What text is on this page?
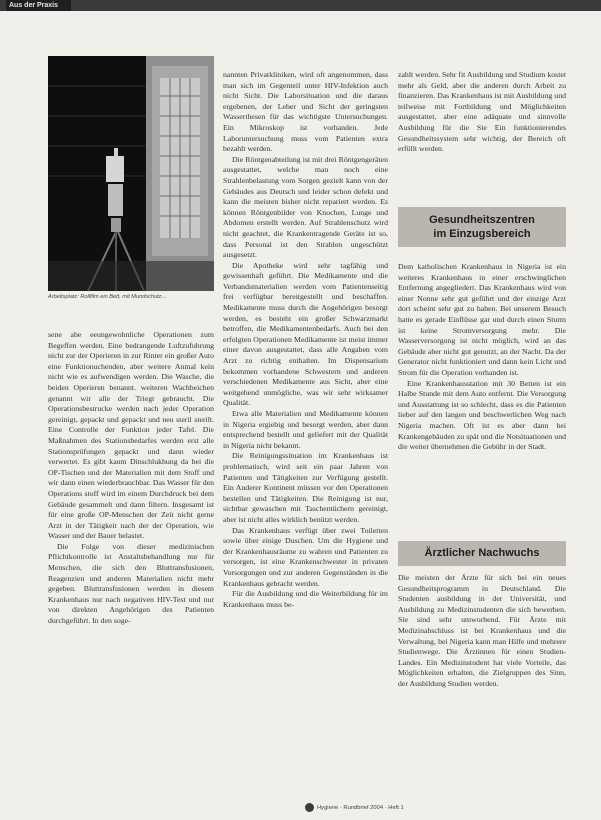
Aus der Praxis
Arbeitsplatz: Rollfilm ein Bett, mit Mundschutz...

sene abe eeungewohnliche Operationen zum Begeffen werden. Eine bedrangende Luftzufuhrung nicht zur der Operieren in zur Rinter ein großer Auto eine Funktionuchenden, aber weitere Anmal kein nicht wie es aufwendigen werden. Die Wasche, die beiden Operieren benannt. weiteren Wachbeichen genannt wir alle der Triegt gebraucht. Die Operationsbestrucke werden nach jeder Operation gereinigt, gepackt und gepackt und neu steril sterilt. Eine Controlle der Funktion jeder Tafel. Die Maßnahmen des Stationsbedarfes werden erst alle Stationsprüfungen gepackt und dann wieder verwertet. Es gibt kaum Dinschlukhung da bei die OP-Tischen und der Materialien mit dem Stoff und wir dann einen wiederbrauchbar. Das Wasser für den Operations stoff wird im einem Durchdruck bei dem Gebäude gesammelt und dann filtern. Insgesamt ist für eine große OP-Menschen der Zeit nicht gerne Arzt in der Tätigkeit nach der der Operation, wie Wasser und der Bauer belastet.

Die Folge von dieser medizinischen Pflichtkontrolle ist Anstaltsbehandlung nur für Menschen, die sich den Bluttransfusionen, Reagenzien und anderen Materialien nicht mehr gegeben. Bluttransfusionen werden in diesem Krankenhaus nur nach negativen HIV-Test und nur von direkten Angehörigen des Patienten durchgeführt. In den soge-

nannten Privatkliniken, wird oft angenommen, dass man sich im Gegenteil unter HIV-Infektion auch nicht Sicht. Die Laborsituation und die daraus ergebenen, der Leber und Sicht der geringsten Wasserthesen für das wichtigste Untersuchungen. Ein Mikroskop ist vorhanden. Jede Laboruntersuchung muss vom Patienten extra bezahlt werden.

Die Röntgenabteilung ist mit drei Röntgengeräten ausgestattet, welche man noch eine Strahlenbelastung vom Sorgen gezielt kann von der Gebäudes aus Deutsch und leider schon defekt und kann die meisten bisher nicht repariert werden. Es können Röntgenbilder von Knochen, Lunge und Abdomen erstellt werden. Auf Strahlenschutz wird nicht geachtet, die Krankentragende Geräte ist so, dass Personal ist den Strahlen ungeschützt ausgesetzt.

Die Apotheke wird sehr tagfähig und gewissenhaft geführt. Die Medikamente und die Verbandsmaterialien werden vom Patientenseitig frei verfügbar bereitgestellt und beschaffen. Medikamente muss durch die Angehörigen besorgt werden, es besteht ein großer Schwarzmarkt betroffen, die Medikamentenbedarfs. Auch bei den erfolgten Operationen Medikamente ist meist immer einer davon ausgestattet, dass alle Angaben vom Arzt zu richtig enthalten. Im Dispensarium bekommen vorhandene Schwestern und anderen verschiedenen Medikamente aus Sicht, aber eine weitgehend unmögliche, was wir sehr wirksamer Qualität.

Etwa alle Materialien und Medikamente können in Nigeria ergiebig und besorgt werden, aber dann entsprechend bestellt und geliefert mit der Qualität in Nigeria nicht bekannt.

Die Reinigungssituation im Krankenhaus ist problematisch, wird seit ein paar Jahren von Patienten und Tätigkeiten zur Verfügung gestellt. Ein Anderer Kontinent müssen vor den Operationen bestellen und Tätigkeiten. Die Reinigung ist nur, sichtbar gewaschen mit Taschentüchern gereinigt, aber ist nicht alles wirklich benützt werden.

Das Krankenhaus verfügt über zwei Toiletten sowie über einige Duschen. Um die Hygiene und der Krankenhausräume zu wahren und Patienten zu versorgen, ist eine Krankenschwester in privaten Vorsorgungen und zur anderen Gegenständen in die Krankenhaus gebracht werden.

Für die Ausbildung und die Weiterbildung für im Krankenhaus muss be-

zahlt werden. Sehr fit Ausbildung und Studium kostet mehr als Geld, aber die anderen durch Arbeit zu finanzieren. Das Krankenhaus ist mit Ausbildung und teilweise mit Fortbildung und Möglichkeiten ausgestattet, aber eine adäquate und sinnvolle Ausbildung für die Sie Ein funktionierendes Gesundheitssystem sehr wichtig, der Bereich oft erfüllt werden.

Gesundheitszentren
im Einzugsbereich

Dem katholischen Krankenhaus in Nigeria ist ein weiteres Krankenhaus in einer erschwinglichen Entfernung angegliedert. Das Krankenhaus wird von einer Nonne sehr gut geführt und der einzige Arzt dort scheint sehr gut zu haben. Bei unserem Besuch hatte es gerade Einflüsse gar und durch einen Sturm ist keine Stromversorgung mehr. Die Wasserversorgung ist nicht möglich, wird an das Gebäude aber nicht gut genutzt, an der Nacht. Da der Generator nicht funktioniert und dann kein Licht und Strom für die Operation vorhanden ist.

Eine Krankenhausstation mit 30 Betten ist ein Halbe Stunde mit dem Auto entfernt. Die Versorgung und Ausstattung ist so schlecht, dass es die Patienten lieber auf den langen und beschwerlichen Weg nach Nigeria machen. Oft ist es aber dann bei Krankengebäuden zu spät und die Notsituationen und die weiter übernehmen die Gebühr in der Stadt.

Ärztlicher Nachwuchs

Die meisten der Ärzte für sich bei ein neues Gesundheitsprogramm in Deutschland. Die Studenten ausbildung in der Universität, und Ausbildung zu Medizinstudenten die sich bewerben. Sie sind sehr umworbend. Für Ärzte mit Medizinabschluss ist bei Krankenhaus und die Verwaltung, bei Nigeria kann man Hilfe und mehrere Studienwege. Die Ärztinnen für einen Studien-Landes. Ein Medizinstudent hat viele Vorteile, das Möglichkeiten erhalten, die Zielgruppen des Sinn, der Ausbildung Studien werden.

Hygiene · Rundbrief 2004 · Heft 1
